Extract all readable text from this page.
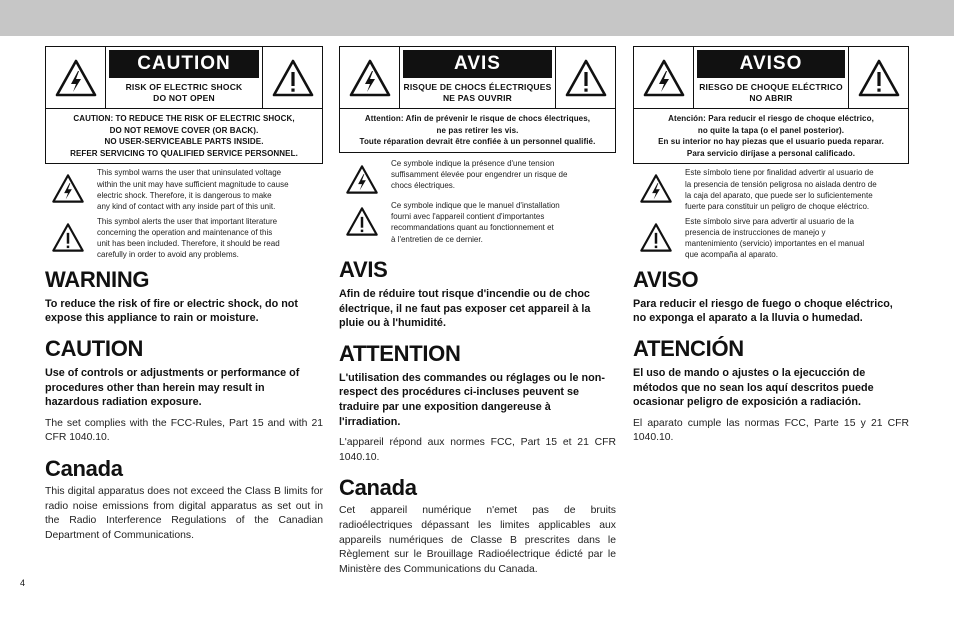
CAUTION
RISK OF ELECTRIC SHOCK
DO NOT OPEN
CAUTION: TO REDUCE THE RISK OF ELECTRIC SHOCK,
DO NOT REMOVE COVER (OR BACK).
NO USER-SERVICEABLE PARTS INSIDE.
REFER SERVICING TO QUALIFIED SERVICE PERSONNEL.
This symbol warns the user that uninsulated voltage
within the unit may have sufficient magnitude to cause
electric shock. Therefore, it is dangerous to make
any kind of contact with any inside part of this unit.
This symbol alerts the user that important literature
concerning the operation and maintenance of this
unit has been included. Therefore, it should be read
carefully in order to avoid any problems.
WARNING
To reduce the risk of fire or electric shock, do not
expose this appliance to rain or moisture.
CAUTION
Use of controls or adjustments or performance of
procedures other than herein may result in
hazardous radiation exposure.
The set complies with the FCC-Rules, Part 15 and with 21 CFR 1040.10.
Canada
This digital apparatus does not exceed the Class B limits for radio noise emissions from digital apparatus as set out in the Radio Interference Regulations of the Canadian Department of Communications.
AVIS
RISQUE DE CHOCS ÉLECTRIQUES
NE PAS OUVRIR
Attention: Afin de prévenir le risque de chocs électriques,
ne pas retirer les vis.
Toute réparation devrait être confiée à un personnel qualifié.
Ce symbole indique la présence d'une tension
suffisamment élevée pour engendrer un risque de
chocs électriques.
Ce symbole indique que le manuel d'installation
fourni avec l'appareil contient d'importantes
recommandations quant au fonctionnement et
à l'entretien de ce dernier.
AVIS
Afin de réduire tout risque d'incendie ou de choc
électrique, il ne faut pas exposer cet appareil à la
pluie ou à l'humidité.
ATTENTION
L'utilisation des commandes ou réglages ou le non-
respect des procédures ci-incluses peuvent se
traduire par une exposition dangereuse à
l'irradiation.
L'appareil répond aux normes FCC, Part 15 et 21 CFR 1040.10.
Canada
Cet appareil numérique n'emet pas de bruits radioélectriques dépassant les limites applicables aux appareils numériques de Classe B prescrites dans le Règlement sur le Brouillage Radioélectrique édicté par le Ministère des Communications du Canada.
AVISO
RIESGO DE CHOQUE ELÉCTRICO
NO ABRIR
Atención: Para reducir el riesgo de choque eléctrico,
no quite la tapa (o el panel posterior).
En su interior no hay piezas que el usuario pueda reparar.
Para servicio diríjase a personal calificado.
Este símbolo tiene por finalidad advertir al usuario de
la presencia de tensión peligrosa no aislada dentro de
la caja del aparato, que puede ser lo suficientemente
fuerte para constituir un peligro de choque eléctrico.
Este símbolo sirve para advertir al usuario de la
presencia de instrucciones de manejo y
mantenimiento (servicio) importantes en el manual
que acompaña al aparato.
AVISO
Para reducir el riesgo de fuego o choque eléctrico,
no exponga el aparato a la lluvia o humedad.
ATENCIÓN
El uso de mando o ajustes o la ejecucción de
métodos que no sean los aquí descritos puede
ocasionar peligro de exposición a radiación.
El aparato cumple las normas FCC, Parte 15 y 21 CFR 1040.10.
4
